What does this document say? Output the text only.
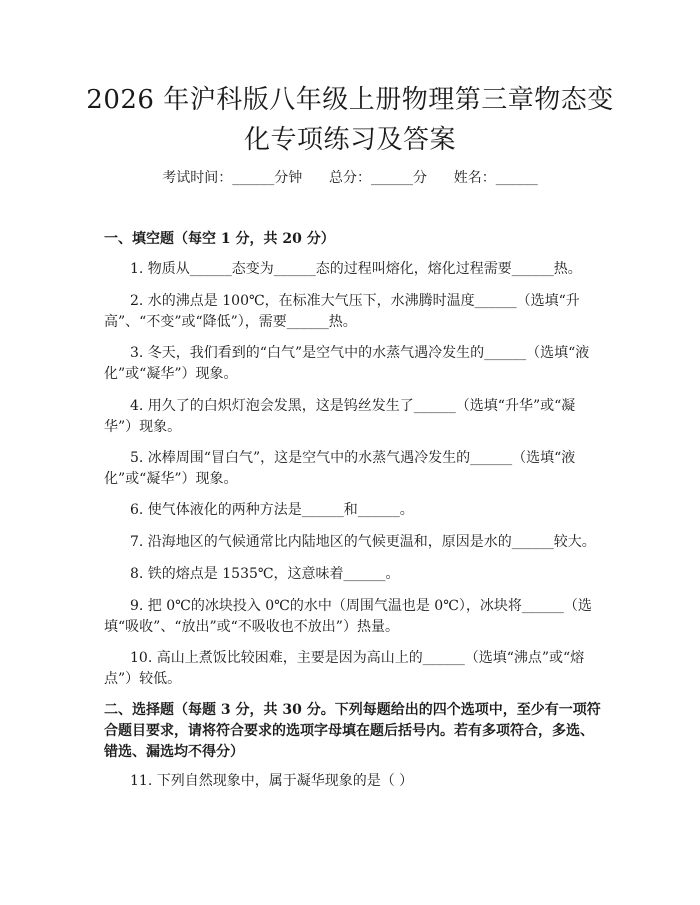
2026 年沪科版八年级上册物理第三章物态变
化专项练习及答案
考试时间：______分钟      总分：______分      姓名：______
一、填空题（每空 1 分，共 20 分）
1. 物质从______态变为______态的过程叫熔化，熔化过程需要______热。
2. 水的沸点是 100℃，在标准大气压下，水沸腾时温度______（选填“升高”、“不变”或“降低”），需要______热。
3. 冬天，我们看到的“白气”是空气中的水蒸气遇冷发生的______（选填“液化”或“凝华”）现象。
4. 用久了的白炽灯泡会发黑，这是钨丝发生了______（选填“升华”或“凝华”）现象。
5. 冰棒周围“冒白气”，这是空气中的水蒸气遇冷发生的______（选填“液化”或“凝华”）现象。
6. 使气体液化的两种方法是______和______。
7. 沿海地区的气候通常比内陆地区的气候更温和，原因是水的______较大。
8. 铁的熔点是 1535℃，这意味着______。
9. 把 0℃的冰块投入 0℃的水中（周围气温也是 0℃），冰块将______（选填“吸收”、“放出”或“不吸收也不放出”）热量。
10. 高山上煮饭比较困难，主要是因为高山上的______（选填“沸点”或“熔点”）较低。
二、选择题（每题 3 分，共 30 分。下列每题给出的四个选项中，至少有一项符合题目要求，请将符合要求的选项字母填在题后括号内。若有多项符合，多选、错选、漏选均不得分）
11. 下列自然现象中，属于凝华现象的是（ ）
